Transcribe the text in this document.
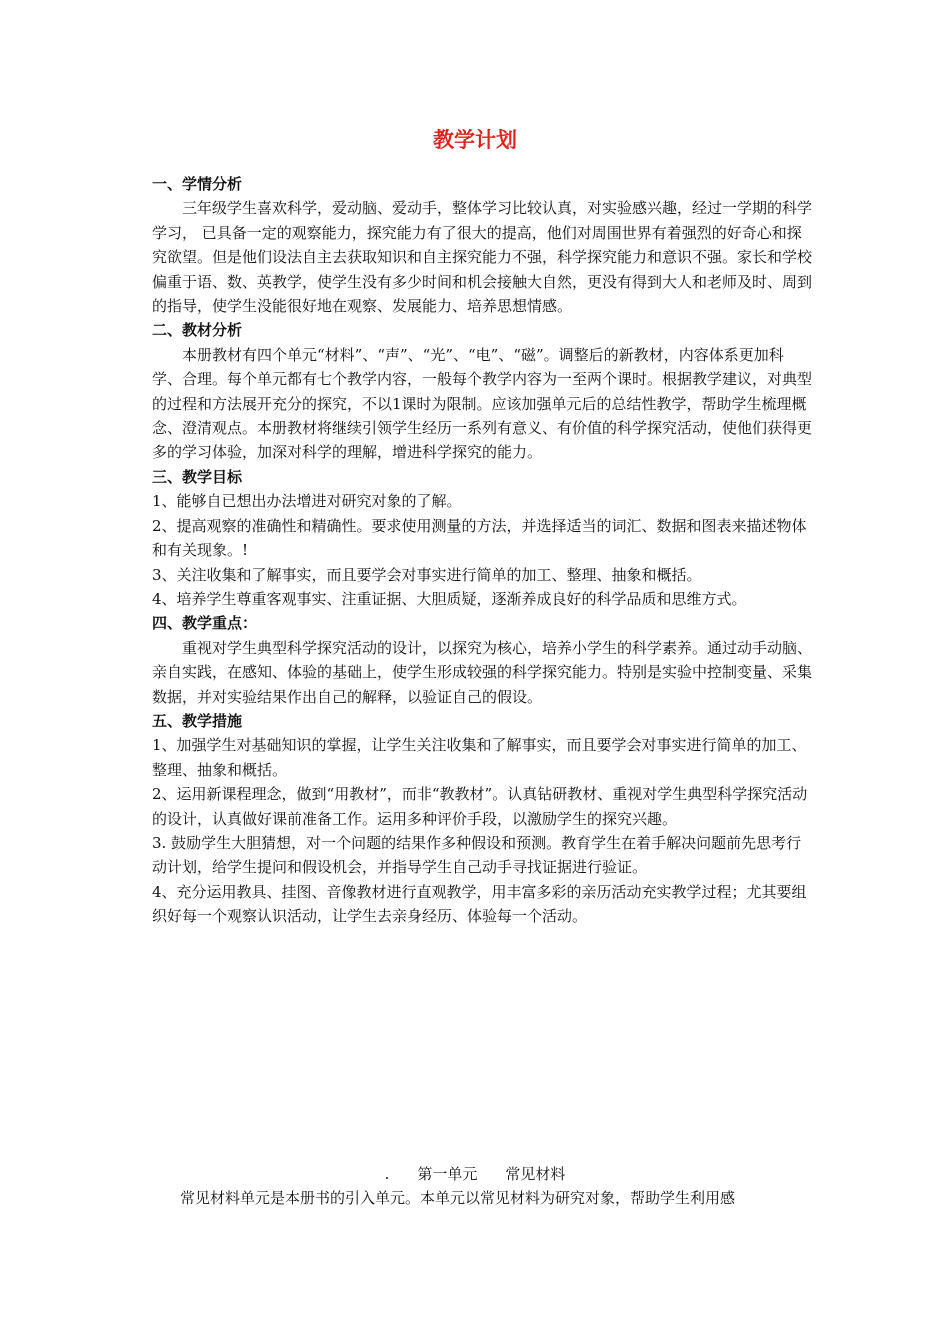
教学计划
一、学情分析
三年级学生喜欢科学，爱动脑、爱动手，整体学习比较认真，对实验感兴趣，经过一学期的科学学习， 已具备一定的观察能力，探究能力有了很大的提高，他们对周围世界有着强烈的好奇心和探究欲望。但是他们设法自主去获取知识和自主探究能力不强，科学探究能力和意识不强。家长和学校偏重于语、数、英教学，使学生没有多少时间和机会接触大自然，更没有得到大人和老师及时、周到的指导，使学生没能很好地在观察、发展能力、培养思想情感。
二、教材分析
本册教材有四个单元“材料”、“声”、“光”、“电”、“磁”。调整后的新教材，内容体系更加科学、合理。每个单元都有七个教学内容，一般每个教学内容为一至两个课时。根据教学建议，对典型的过程和方法展开充分的探究，不以1课时为限制。应该加强单元后的总结性教学，帮助学生梳理概念、澄清观点。本册教材将继续引领学生经历一系列有意义、有价值的科学探究活动，使他们获得更多的学习体验，加深对科学的理解，增进科学探究的能力。
三、教学目标
1、能够自已想出办法增进对研究对象的了解。
2、提高观察的准确性和精确性。要求使用测量的方法，并选择适当的词汇、数据和图表来描述物体和有关现象。!
3、关注收集和了解事实，而且要学会对事实进行简单的加工、整理、抽象和概括。
4、培养学生尊重客观事实、注重证据、大胆质疑，逐渐养成良好的科学品质和思维方式。
四、教学重点：
重视对学生典型科学探究活动的设计，以探究为核心，培养小学生的科学素养。通过动手动脑、亲自实践，在感知、体验的基础上，使学生形成较强的科学探究能力。特别是实验中控制变量、采集数据，并对实验结果作出自己的解释，以验证自己的假设。
五、教学措施
1、加强学生对基础知识的掌握，让学生关注收集和了解事实，而且要学会对事实进行简单的加工、整理、抽象和概括。
2、运用新课程理念，做到“用教材”，而非“教教材”。认真钻研教材、重视对学生典型科学探究活动的设计，认真做好课前准备工作。运用多种评价手段，以激励学生的探究兴趣。
3. 鼓励学生大胆猜想，对一个问题的结果作多种假设和预测。教育学生在着手解决问题前先思考行动计划，给学生提问和假设机会，并指导学生自己动手寻找证据进行验证。
4、充分运用教具、挂图、音像教材进行直观教学，用丰富多彩的亲历活动充实教学过程；尤其要组织好每一个观察认识活动，让学生去亲身经历、体验每一个活动。
. 第一单元 常见材料
常见材料单元是本册书的引入单元。本单元以常见材料为研究对象，帮助学生利用感
